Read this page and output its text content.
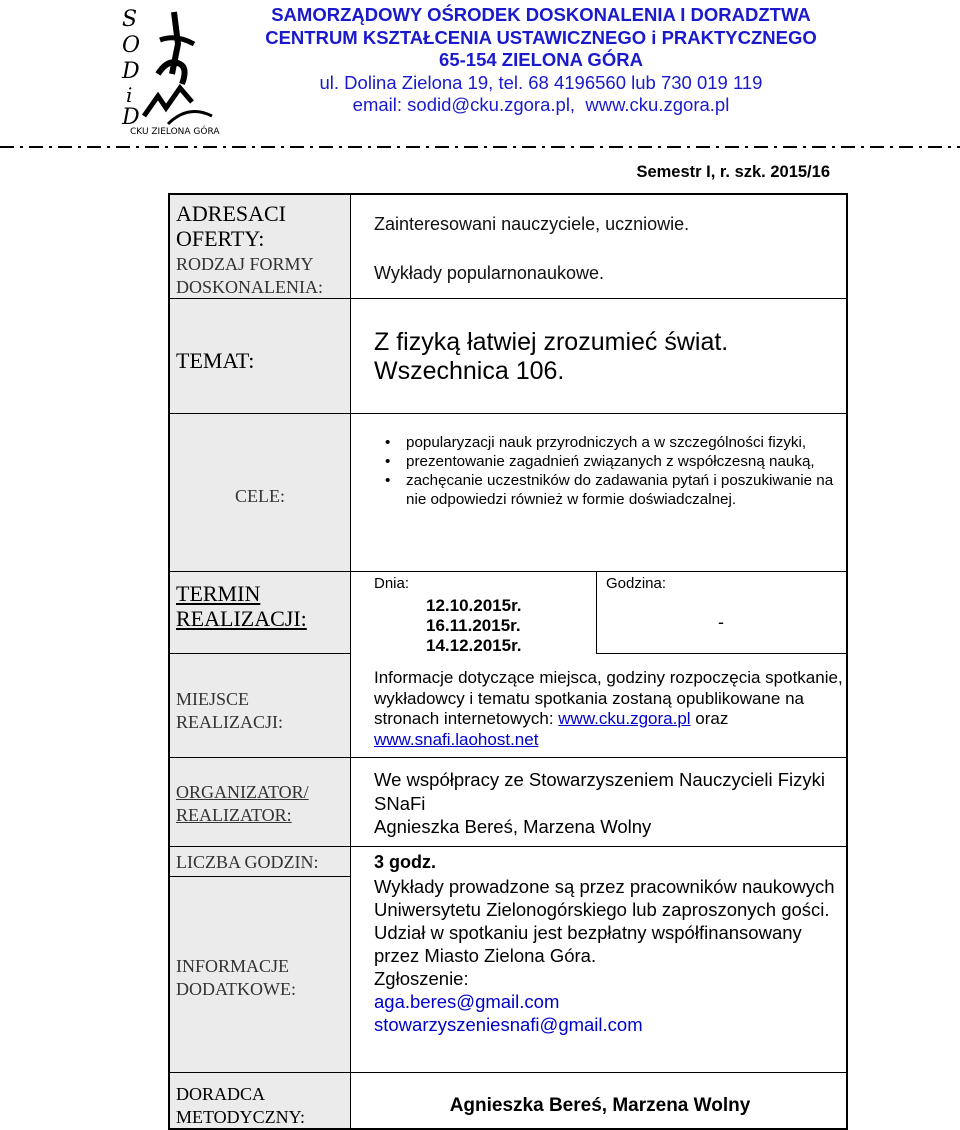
S
O
D
i
D
CKU ZIELONA GÓRA
SAMORZĄDOWY OŚRODEK DOSKONALENIA I DORADZTWA
CENTRUM KSZTAŁCENIA USTAWICZNEGO i PRAKTYCZNEGO
65-154 ZIELONA GÓRA
ul. Dolina Zielona 19, tel. 68 4196560 lub 730 019 119
email: sodid@cku.zgora.pl, www.cku.zgora.pl
Semestr I, r. szk. 2015/16
ADRESACI OFERTY:
Zainteresowani nauczyciele, uczniowie.
RODZAJ FORMY DOSKONALENIA:
Wykłady popularnonaukowe.
TEMAT:
Z fizyką łatwiej zrozumieć świat.
Wszechnica 106.
CELE:
• popularyzacji nauk przyrodniczych a w szczególności fizyki,
• prezentowanie zagadnień związanych z współczesną nauką,
• zachęcanie uczestników do zadawania pytań i poszukiwanie na nie odpowiedzi również w formie doświadczalnej.
TERMIN
REALIZACJI:
Dnia:
12.10.2015r.
16.11.2015r.
14.12.2015r.
Godzina:
-
MIEJSCE REALIZACJI:
Informacje dotyczące miejsca, godziny rozpoczęcia spotkanie, wykładowcy i tematu spotkania zostaną opublikowane na stronach internetowych: www.cku.zgora.pl oraz www.snafi.laohost.net
ORGANIZATOR/
REALIZATOR:
We współpracy ze Stowarzyszeniem Nauczycieli Fizyki SNaFi
Agnieszka Bereś, Marzena Wolny
LICZBA GODZIN:	3 godz.
INFORMACJE DODATKOWE:
Wykłady prowadzone są przez pracowników naukowych Uniwersytetu Zielonogórskiego lub zaproszonych gości. Udział w spotkaniu jest bezpłatny współfinansowany przez Miasto Zielona Góra.
Zgłoszenie:
aga.beres@gmail.com
stowarzyszeniesnafi@gmail.com
DORADCA METODYCZNY:
Agnieszka Bereś, Marzena Wolny
